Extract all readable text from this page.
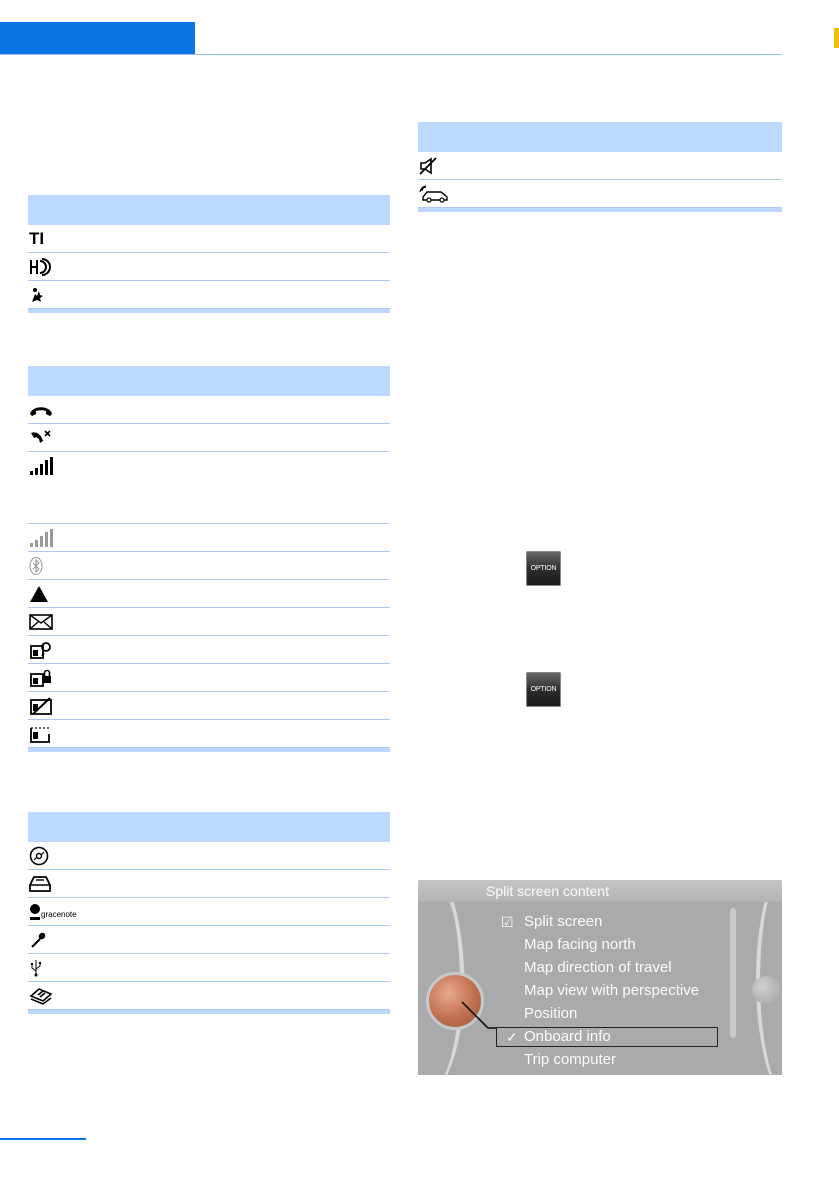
TI
gracenote
OPTION
OPTION
Split screen content
☑ Split screen
Map facing north
Map direction of travel
Map view with perspective
Position
✓ Onboard info
Trip computer
